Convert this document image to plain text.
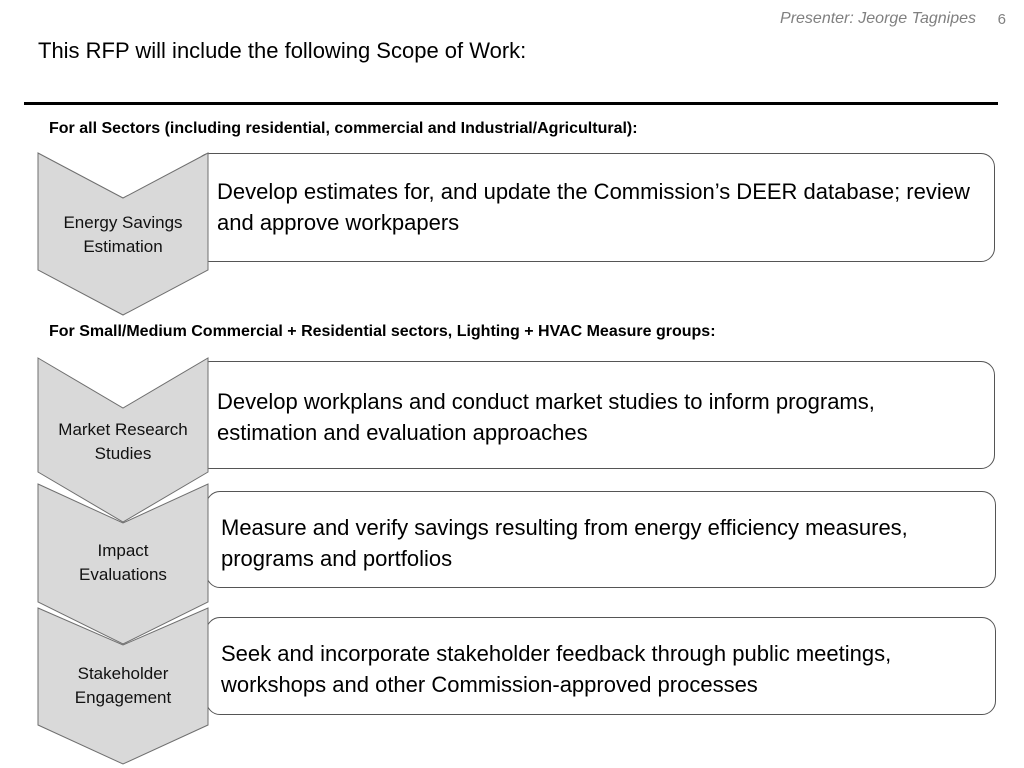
Presenter: Jeorge Tagnipes 6
This RFP will include the following Scope of Work:
For all Sectors (including residential, commercial and Industrial/Agricultural):
Develop estimates for, and update the Commission’s DEER database; review and approve workpapers
Energy Savings
Estimation
For Small/Medium Commercial + Residential sectors, Lighting + HVAC Measure groups:
Develop workplans and conduct market studies to inform programs, estimation and evaluation approaches
Market Research
Studies
Measure and verify savings resulting from energy efficiency measures, programs and portfolios
Impact
Evaluations
Seek and incorporate stakeholder feedback through public meetings, workshops and other Commission-approved processes
Stakeholder
Engagement
